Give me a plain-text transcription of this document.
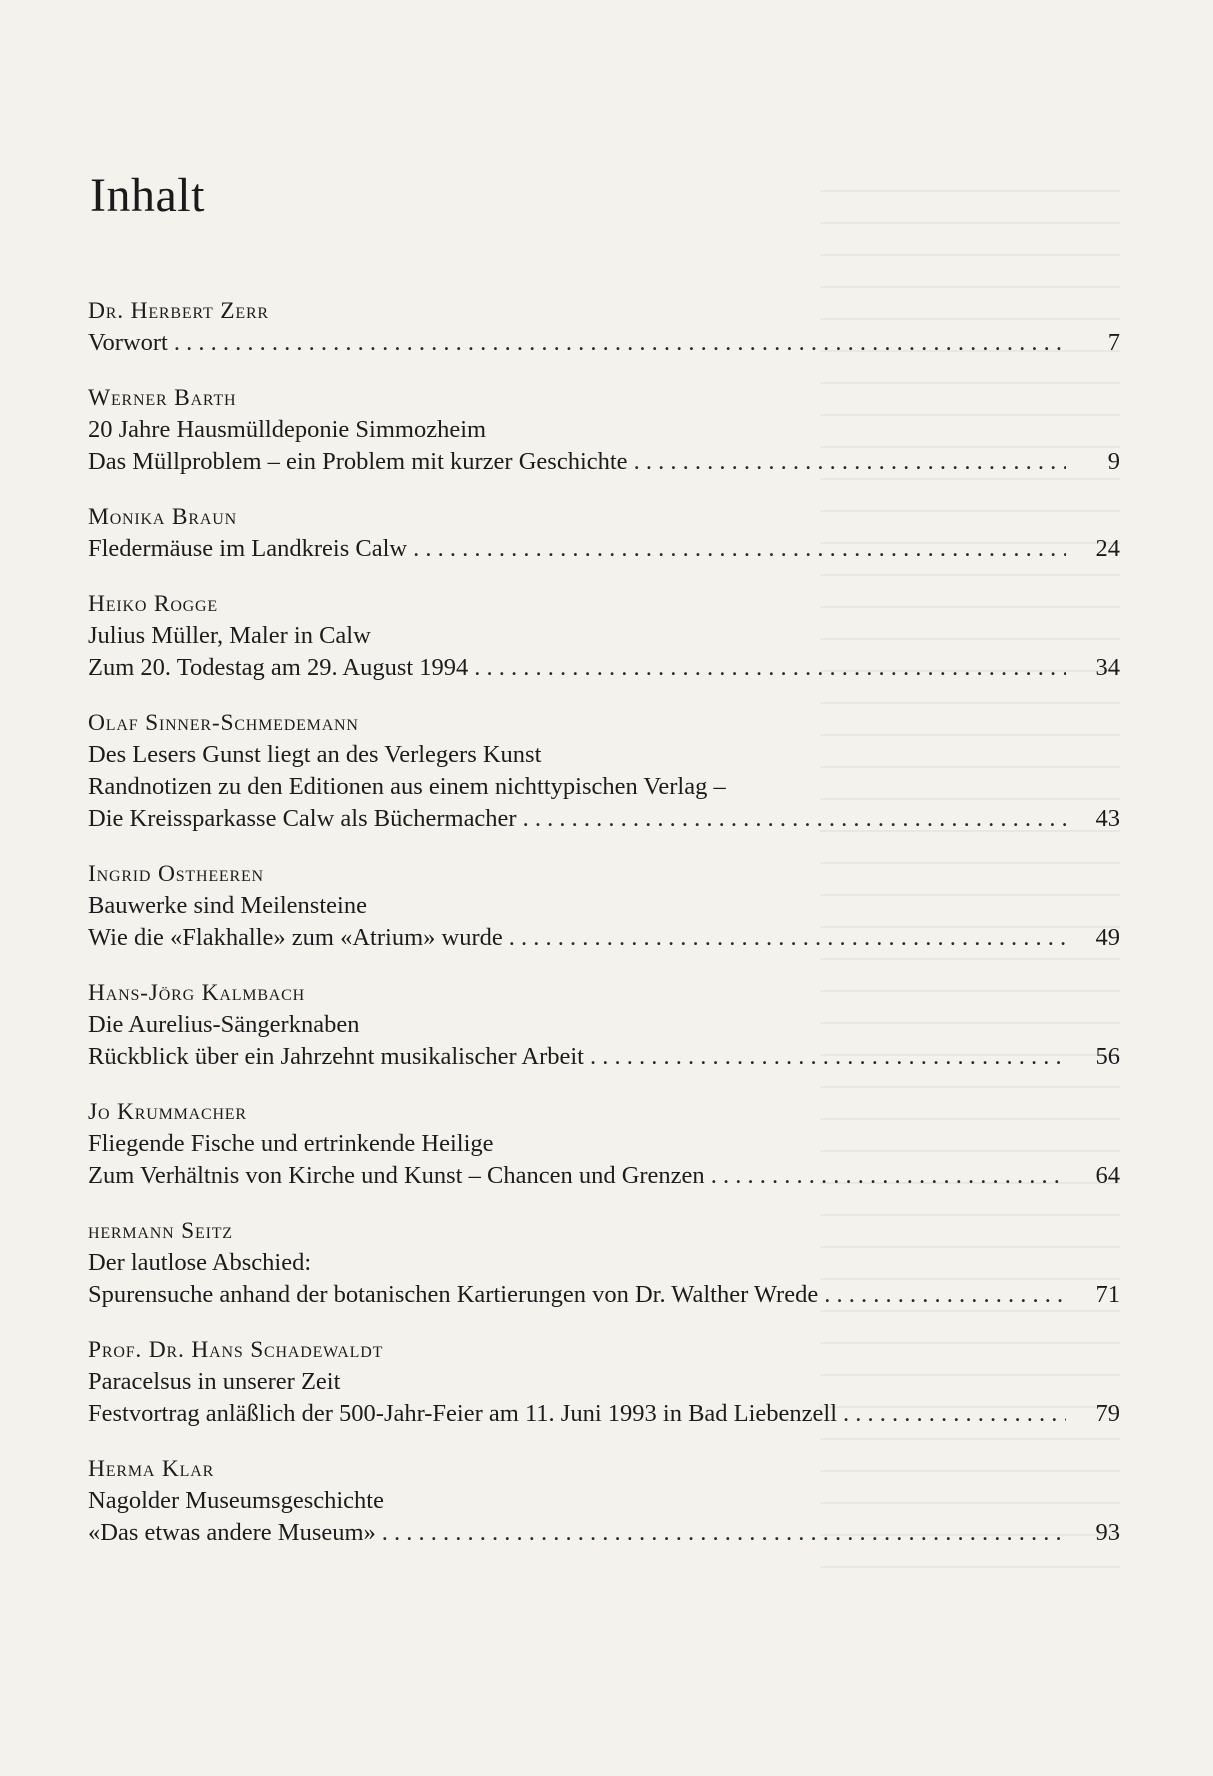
Inhalt
Dr. Herbert Zerr
Vorwort . . .	7
Werner Barth
20 Jahre Hausmülldeponie Simmozheim
Das Müllproblem – ein Problem mit kurzer Geschichte . . .	9
Monika Braun
Fledermäuse im Landkreis Calw . . .	24
Heiko Rogge
Julius Müller, Maler in Calw
Zum 20. Todestag am 29. August 1994 . . .	34
Olaf Sinner-Schmedemann
Des Lesers Gunst liegt an des Verlegers Kunst
Randnotizen zu den Editionen aus einem nichttypischen Verlag –
Die Kreissparkasse Calw als Büchermacher . . .	43
Ingrid Ostheeren
Bauwerke sind Meilensteine
Wie die «Flakhalle» zum «Atrium» wurde . . .	49
Hans-Jörg Kalmbach
Die Aurelius-Sängerknaben
Rückblick über ein Jahrzehnt musikalischer Arbeit . . .	56
Jo Krummacher
Fliegende Fische und ertrinkende Heilige
Zum Verhältnis von Kirche und Kunst – Chancen und Grenzen . . .	64
hermann Seitz
Der lautlose Abschied:
Spurensuche anhand der botanischen Kartierungen von Dr. Walther Wrede . . .	71
Prof. Dr. Hans Schadewaldt
Paracelsus in unserer Zeit
Festvortrag anläßlich der 500-Jahr-Feier am 11. Juni 1993 in Bad Liebenzell . . .	79
Herma Klar
Nagolder Museumsgeschichte
«Das etwas andere Museum» . . .	93
